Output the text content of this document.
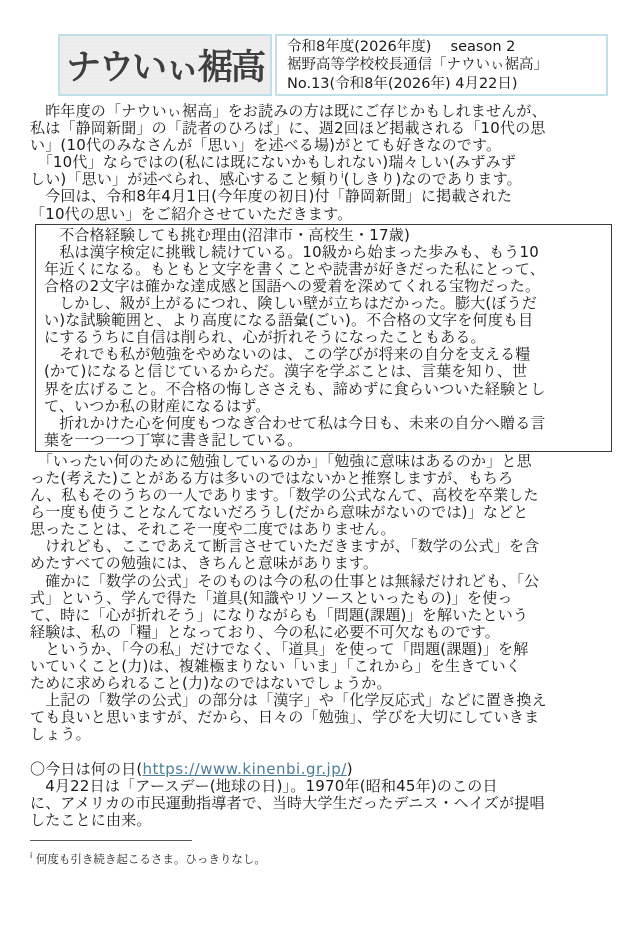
ナウいぃ裾高
令和8年度(2026年度)　 season 2
裾野高等学校校長通信「ナウいぃ裾高」
No.13(令和8年(2026年) 4月22日)
　昨年度の「ナウいぃ裾高」をお読みの方は既にご存じかもしれませんが、
私は「静岡新聞」の「読者のひろば」に、週2回ほど掲載される「10代の思
い」(10代のみなさんが「思い」を述べる場)がとても好きなのです。
　「10代」ならではの(私には既にないかもしれない)瑞々しい(みずみず
しい)「思い」が述べられ、感心すること頻り$^i$(しきり)なのであります。
　今回は、令和8年4月1日(今年度の初日)付「静岡新聞」に掲載された
「10代の思い」をご紹介させていただきます。
　不合格経験しても挑む理由(沼津市・高校生・17歳)
　私は漢字検定に挑戦し続けている。10級から始まった歩みも、もう10
年近くになる。もともと文字を書くことや読書が好きだった私にとって、
合格の2文字は確かな達成感と国語への愛着を深めてくれる宝物だった。
　しかし、級が上がるにつれ、険しい壁が立ちはだかった。膨大(ぼうだ
い)な試験範囲と、より高度になる語彙(ごい)。不合格の文字を何度も目
にするうちに自信は削られ、心が折れそうになったこともある。
　それでも私が勉強をやめないのは、この学びが将来の自分を支える糧
(かて)になると信じているからだ。漢字を学ぶことは、言葉を知り、世
界を広げること。不合格の悔しささえも、諦めずに食らいついた経験とし
て、いつか私の財産になるはず。
　折れかけた心を何度もつなぎ合わせて私は今日も、未来の自分へ贈る言
葉を一つ一つ丁寧に書き記している。
　「いったい何のために勉強しているのか」「勉強に意味はあるのか」と思
った(考えた)ことがある方は多いのではないかと推察しますが、もちろ
ん、私もそのうちの一人であります。「数学の公式なんて、高校を卒業した
ら一度も使うことなんてないだろうし(だから意味がないのでは)」などと
思ったことは、それこそ一度や二度ではありません。
　けれども、ここであえて断言させていただきますが、「数学の公式」を含
めたすべての勉強には、きちんと意味があります。
　確かに「数学の公式」そのものは今の私の仕事とは無縁だけれども、「公
式」という、学んで得た「道具(知識やリソースといったもの)」を使っ
て、時に「心が折れそう」になりながらも「問題(課題)」を解いたという
経験は、私の「糧」となっており、今の私に必要不可欠なものです。
　というか、「今の私」だけでなく、「道具」を使って「問題(課題)」を解
いていくこと(力)は、複雑極まりない「いま」「これから」を生きていく
ために求められること(力)なのではないでしょうか。
　上記の「数学の公式」の部分は「漢字」や「化学反応式」などに置き換え
ても良いと思いますが、だから、日々の「勉強」、学びを大切にしていきま
しょう。
〇今日は何の日(https://www.kinenbi.gr.jp/)
　4月22日は「アースデー(地球の日)」。1970年(昭和45年)のこの日
に、アメリカの市民運動指導者で、当時大学生だったデニス・ヘイズが提唱
したことに由来。
$^i$ 何度も引き続き起こるさま。ひっきりなし。
